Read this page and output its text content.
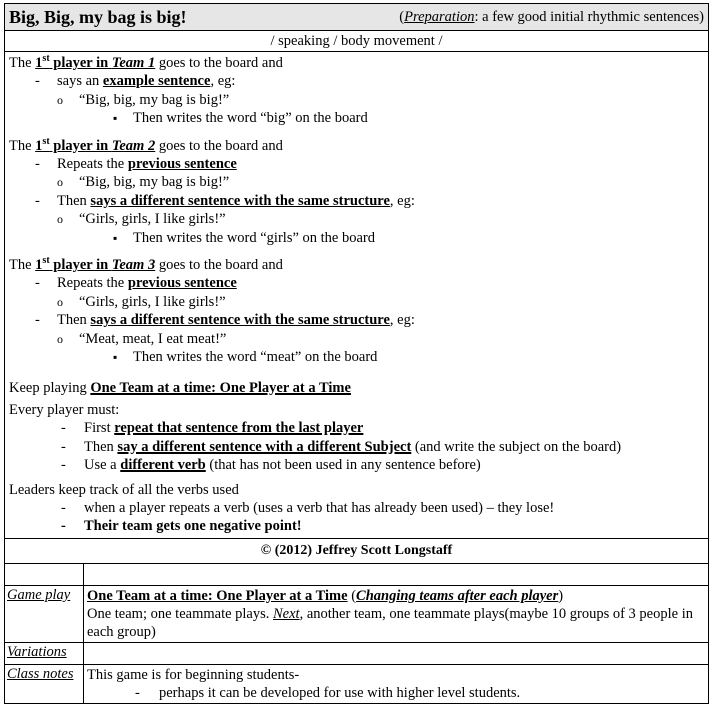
Big, Big, my bag is big!	(Preparation: a few good initial rhythmic sentences)
/ speaking / body movement /
The 1st player in Team 1 goes to the board and
- says an example sentence, eg:
o “Big, big, my bag is big!”
▪ Then writes the word “big” on the board
The 1st player in Team 2 goes to the board and
- Repeats the previous sentence
o “Big, big, my bag is big!”
- Then says a different sentence with the same structure, eg:
o “Girls, girls, I like girls!”
▪ Then writes the word “girls” on the board
The 1st player in Team 3 goes to the board and
- Repeats the previous sentence
o “Girls, girls, I like girls!”
- Then says a different sentence with the same structure, eg:
o “Meat, meat, I eat meat!”
▪ Then writes the word “meat” on the board
Keep playing One Team at a time: One Player at a Time
Every player must:
- First repeat that sentence from the last player
- Then say a different sentence with a different Subject (and write the subject on the board)
- Use a different verb (that has not been used in any sentence before)
Leaders keep track of all the verbs used
- when a player repeats a verb (uses a verb that has already been used) – they lose!
- Their team gets one negative point!
© (2012) Jeffrey Scott Longstaff
Game play	One Team at a time: One Player at a Time (Changing teams after each player)
One team; one teammate plays. Next, another team, one teammate plays(maybe 10 groups of 3 people in each group)
Variations
Class notes This game is for beginning students-
- perhaps it can be developed for use with higher level students.
